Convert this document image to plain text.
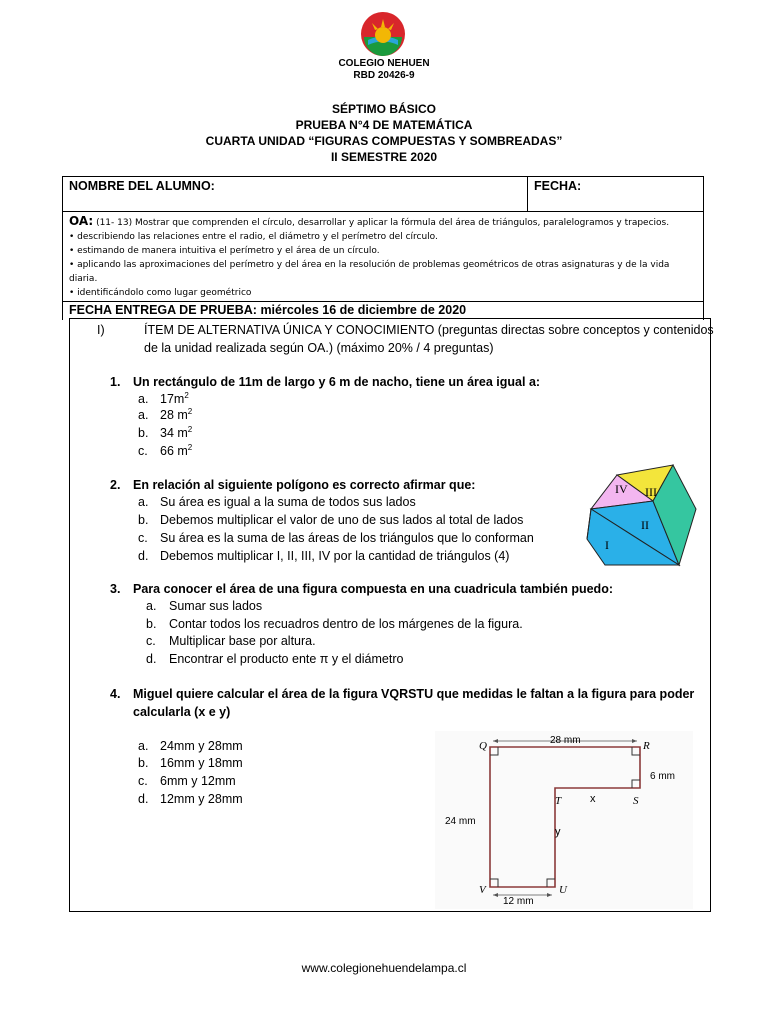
COLEGIO NEHUEN
RBD 20426-9
SÉPTIMO BÁSICO
PRUEBA N°4 DE MATEMÁTICA
CUARTA UNIDAD “FIGURAS COMPUESTAS Y SOMBREADAS”
II SEMESTRE 2020
NOMBRE DEL ALUMNO:	FECHA:
OA: (11- 13) Mostrar que comprenden el círculo, desarrollar y aplicar la fórmula del área de triángulos, paralelogramos y trapecios.
• describiendo las relaciones entre el radio, el diámetro y el perímetro del círculo.
• estimando de manera intuitiva el perímetro y el área de un círculo.
• aplicando las aproximaciones del perímetro y del área en la resolución de problemas geométricos de otras asignaturas y de la vida
diaria.
• identificándolo como lugar geométrico
FECHA ENTREGA DE PRUEBA: miércoles 16 de diciembre de 2020
I)	ÍTEM DE ALTERNATIVA ÚNICA Y CONOCIMIENTO (preguntas directas sobre conceptos y contenidos
de la unidad realizada según OA.) (máximo 20% / 4 preguntas)
1. Un rectángulo de 11m de largo y 6 m de nacho, tiene un área igual a:
a. $17m^2$
a. 28 $m^2$
b. 34 $m^2$
c. 66 $m^2$
2. En relación al siguiente polígono es correcto afirmar que:
a. Su área es igual a la suma de todos sus lados
b. Debemos multiplicar el valor de uno de sus lados al total de lados
c. Su área es la suma de las áreas de los triángulos que lo conforman
d. Debemos multiplicar I, II, III, IV por la cantidad de triángulos (4)
IV III
II
I
3. Para conocer el área de una figura compuesta en una cuadricula también puedo:
a. Sumar sus lados
b. Contar todos los recuadros dentro de los márgenes de la figura.
c. Multiplicar base por altura.
d. Encontrar el producto ente π y el diámetro
4. Miguel quiere calcular el área de la figura VQRSTU que medidas le faltan a la figura para poder
calcularla (x e y)
a. 24mm y 28mm
b. 16mm y 18mm
c. 6mm y 12mm
d. 12mm y 28mm
Q	R
S
T
U
V
28 mm
6 mm
24 mm
12 mm
x
y
www.colegionehuendelampa.cl
